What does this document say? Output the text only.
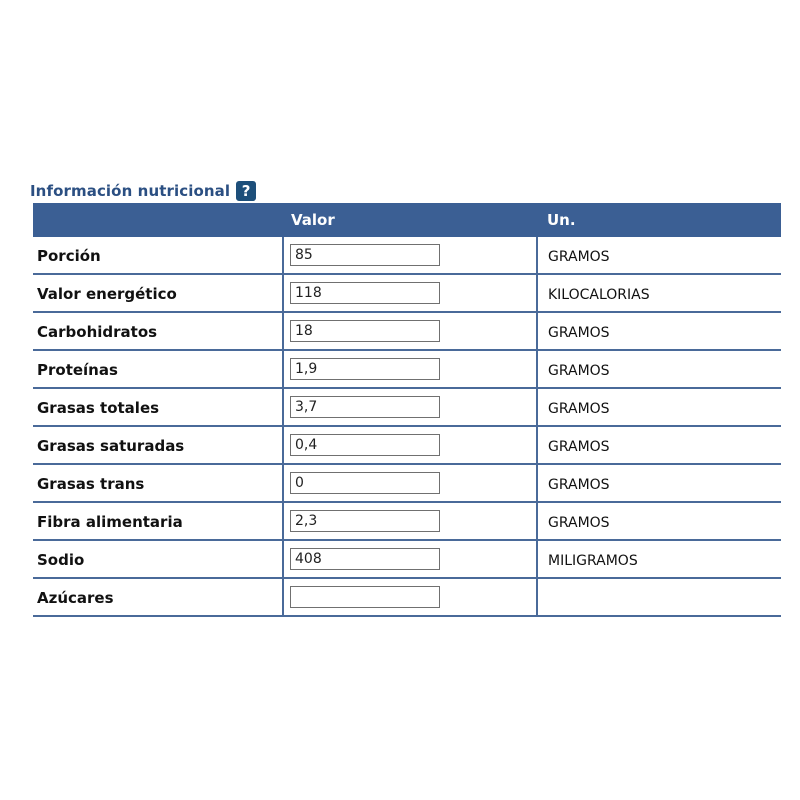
Información nutricional ?
	Valor	Un.
Porción	85	GRAMOS
Valor energético	118	KILOCALORIAS
Carbohidratos	18	GRAMOS
Proteínas	1,9	GRAMOS
Grasas totales	3,7	GRAMOS
Grasas saturadas	0,4	GRAMOS
Grasas trans	0	GRAMOS
Fibra alimentaria	2,3	GRAMOS
Sodio	408	MILIGRAMOS
Azúcares		
